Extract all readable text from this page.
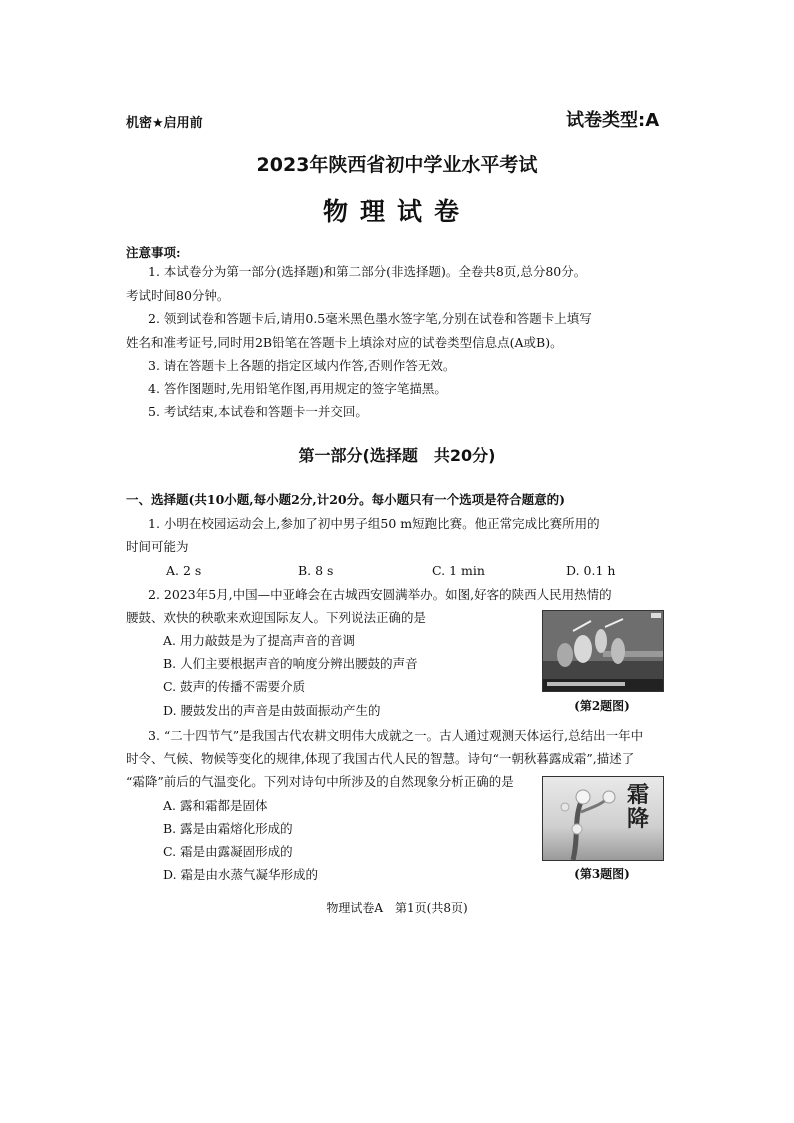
机密★启用前	试卷类型:A
2023年陕西省初中学业水平考试
物理试卷
注意事项:
1. 本试卷分为第一部分(选择题)和第二部分(非选择题)。全卷共8页,总分80分。
考试时间80分钟。
2. 领到试卷和答题卡后,请用0.5毫米黑色墨水签字笔,分别在试卷和答题卡上填写
姓名和准考证号,同时用2B铅笔在答题卡上填涂对应的试卷类型信息点(A或B)。
3. 请在答题卡上各题的指定区域内作答,否则作答无效。
4. 答作图题时,先用铅笔作图,再用规定的签字笔描黑。
5. 考试结束,本试卷和答题卡一并交回。
第一部分(选择题　共20分)
一、选择题(共10小题,每小题2分,计20分。每小题只有一个选项是符合题意的)
1. 小明在校园运动会上,参加了初中男子组50 m短跑比赛。他正常完成比赛所用的
时间可能为
A. 2 s	B. 8 s	C. 1 min	D. 0.1 h
2. 2023年5月,中国—中亚峰会在古城西安圆满举办。如图,好客的陕西人民用热情的
腰鼓、欢快的秧歌来欢迎国际友人。下列说法正确的是
A. 用力敲鼓是为了提高声音的音调
B. 人们主要根据声音的响度分辨出腰鼓的声音
C. 鼓声的传播不需要介质
D. 腰鼓发出的声音是由鼓面振动产生的	(第2题图)
3. “二十四节气”是我国古代农耕文明伟大成就之一。古人通过观测天体运行,总结出一年中
时令、气候、物候等变化的规律,体现了我国古代人民的智慧。诗句“一朝秋暮露成霜”,描述了
“霜降”前后的气温变化。下列对诗句中所涉及的自然现象分析正确的是
A. 露和霜都是固体
B. 露是由霜熔化形成的
C. 霜是由露凝固形成的
D. 霜是由水蒸气凝华形成的
霜降
(第3题图)
物理试卷A　第1页(共8页)
